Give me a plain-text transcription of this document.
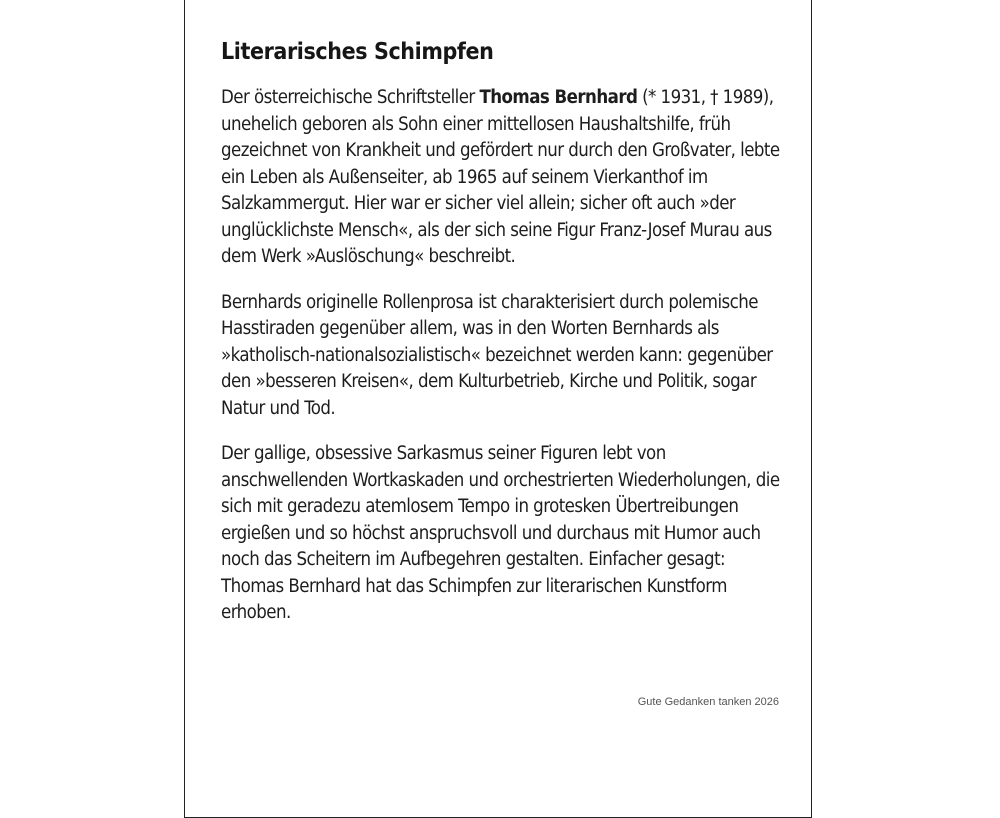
Literarisches Schimpfen

Der österreichische Schriftsteller Thomas Bernhard (* 1931, † 1989), unehelich geboren als Sohn einer mittellosen Haushaltshilfe, früh gezeichnet von Krankheit und gefördert nur durch den Großvater, lebte ein Leben als Außenseiter, ab 1965 auf seinem Vierkanthof im Salzkammergut. Hier war er sicher viel allein; sicher oft auch »der unglücklichste Mensch«, als der sich seine Figur Franz-Josef Murau aus dem Werk »Auslöschung« beschreibt.

Bernhards originelle Rollenprosa ist charakterisiert durch polemische Hasstiraden gegenüber allem, was in den Worten Bernhards als »katholisch-nationalsozialistisch« bezeichnet werden kann: gegenüber den »besseren Kreisen«, dem Kulturbetrieb, Kirche und Politik, sogar Natur und Tod.

Der gallige, obsessive Sarkasmus seiner Figuren lebt von anschwellenden Wortkaskaden und orchestrierten Wiederholungen, die sich mit geradezu atemlosem Tempo in grotesken Übertreibungen ergießen und so höchst anspruchsvoll und durchaus mit Humor auch noch das Scheitern im Aufbegehren gestalten. Einfacher gesagt: Thomas Bernhard hat das Schimpfen zur literarischen Kunstform erhoben.

Gute Gedanken tanken 2026
